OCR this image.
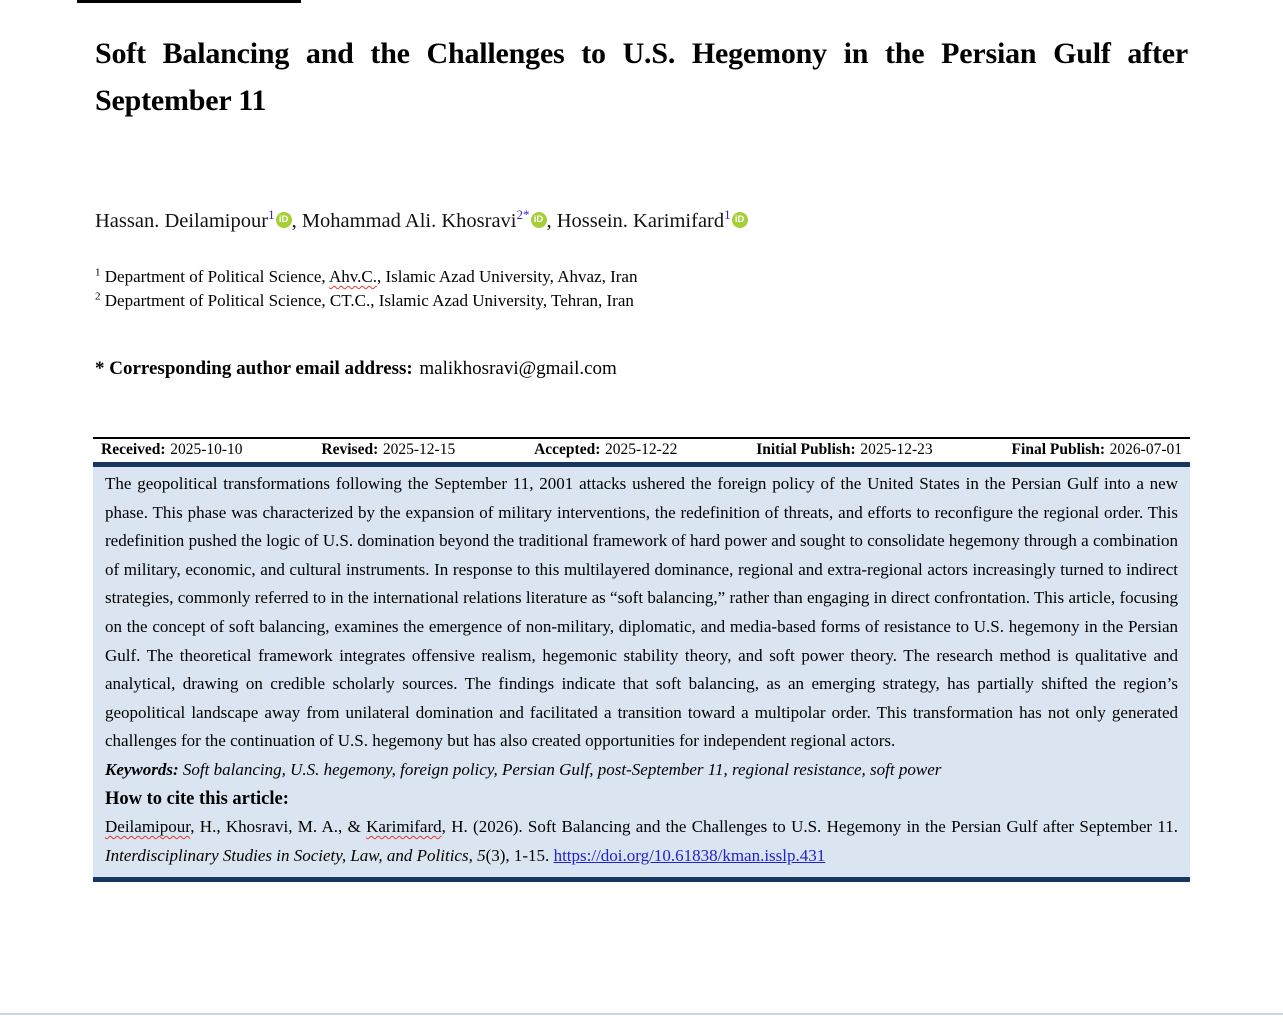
Soft Balancing and the Challenges to U.S. Hegemony in the Persian Gulf after September 11
Hassan. Deilamipour$^1$ iD , Mohammad Ali. Khosravi$^{2*}$ iD , Hossein. Karimifard$^1$ iD
$^1$ Department of Political Science, Ahv.C., Islamic Azad University, Ahvaz, Iran
$^2$ Department of Political Science, CT.C., Islamic Azad University, Tehran, Iran
* Corresponding author email address: malikhosravi@gmail.com
Received: 2025-10-10	Revised: 2025-12-15	Accepted: 2025-12-22	Initial Publish: 2025-12-23	Final Publish: 2026-07-01

The geopolitical transformations following the September 11, 2001 attacks ushered the foreign policy of the United States in the Persian Gulf into a new phase. This phase was characterized by the expansion of military interventions, the redefinition of threats, and efforts to reconfigure the regional order. This redefinition pushed the logic of U.S. domination beyond the traditional framework of hard power and sought to consolidate hegemony through a combination of military, economic, and cultural instruments. In response to this multilayered dominance, regional and extra-regional actors increasingly turned to indirect strategies, commonly referred to in the international relations literature as “soft balancing,” rather than engaging in direct confrontation. This article, focusing on the concept of soft balancing, examines the emergence of non-military, diplomatic, and media-based forms of resistance to U.S. hegemony in the Persian Gulf. The theoretical framework integrates offensive realism, hegemonic stability theory, and soft power theory. The research method is qualitative and analytical, drawing on credible scholarly sources. The findings indicate that soft balancing, as an emerging strategy, has partially shifted the region’s geopolitical landscape away from unilateral domination and facilitated a transition toward a multipolar order. This transformation has not only generated challenges for the continuation of U.S. hegemony but has also created opportunities for independent regional actors.

Keywords: Soft balancing, U.S. hegemony, foreign policy, Persian Gulf, post-September 11, regional resistance, soft power

How to cite this article:

Deilamipour, H., Khosravi, M. A., & Karimifard, H. (2026). Soft Balancing and the Challenges to U.S. Hegemony in the Persian Gulf after September 11. Interdisciplinary Studies in Society, Law, and Politics, 5(3), 1-15. https://doi.org/10.61838/kman.isslp.431
